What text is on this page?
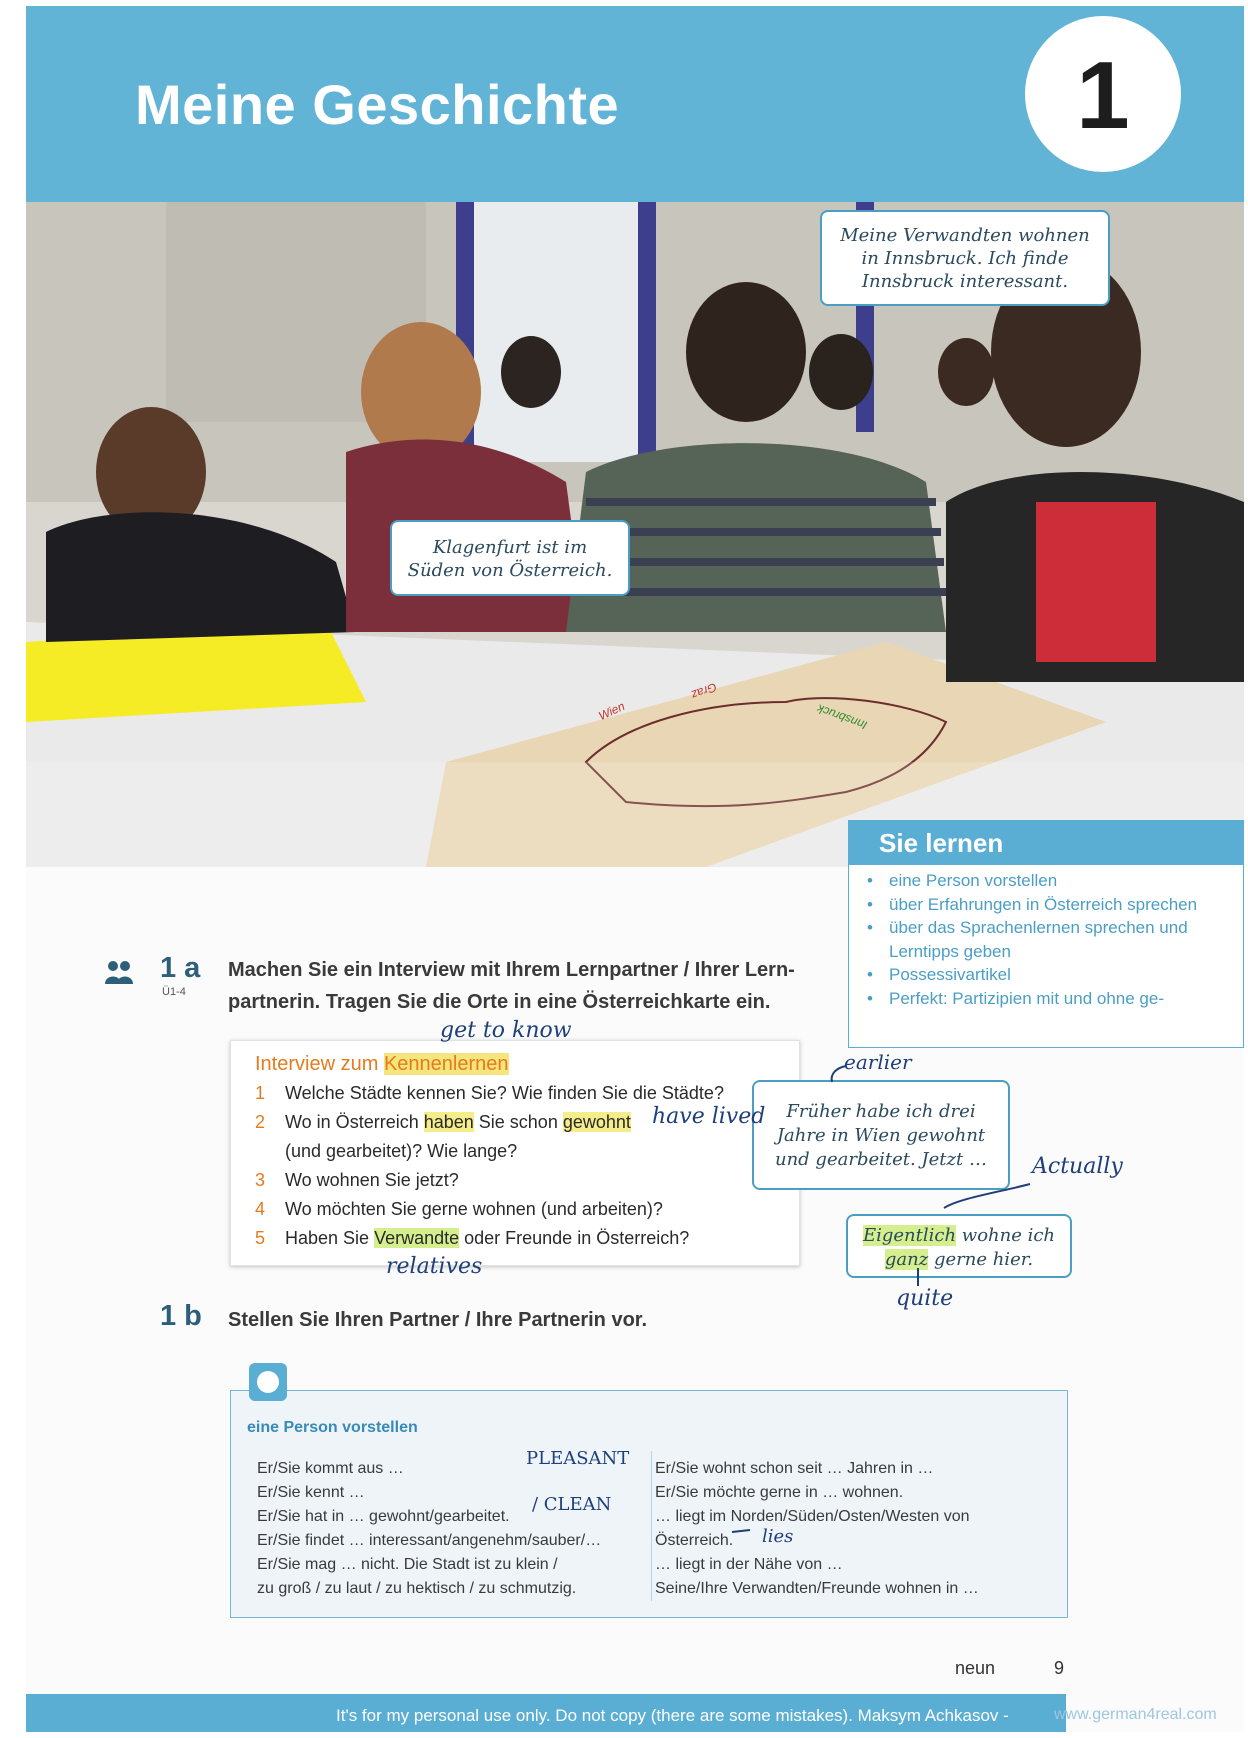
Meine Geschichte	1
Wien
Graz
Innsbruck
Meine Verwandten wohnen in Innsbruck. Ich finde Innsbruck interessant.
Klagenfurt ist im Süden von Österreich.
Sie lernen
• eine Person vorstellen
• über Erfahrungen in Österreich sprechen
• über das Sprachenlernen sprechen und Lerntipps geben
• Possessivartikel
• Perfekt: Partizipien mit und ohne ge-
1 a
Ü1-4
Machen Sie ein Interview mit Ihrem Lernpartner / Ihrer Lern-
partnerin. Tragen Sie die Orte in eine Österreichkarte ein.
Interview zum Kennenlernen
1 Welche Städte kennen Sie? Wie finden Sie die Städte?
2 Wo in Österreich haben Sie schon gewohnt
(und gearbeitet)? Wie lange?
3 Wo wohnen Sie jetzt?
4 Wo möchten Sie gerne wohnen (und arbeiten)?
5 Haben Sie Verwandte oder Freunde in Österreich?
Früher habe ich drei Jahre in Wien gewohnt und gearbeitet. Jetzt …
Eigentlich wohne ich
ganz gerne hier.
1 b Stellen Sie Ihren Partner / Ihre Partnerin vor.
eine Person vorstellen
Er/Sie kommt aus …
Er/Sie kennt …
Er/Sie hat in … gewohnt/gearbeitet.
Er/Sie findet … interessant/angenehm/sauber/…
Er/Sie mag … nicht. Die Stadt ist zu klein /
zu groß / zu laut / zu hektisch / zu schmutzig.
Er/Sie wohnt schon seit … Jahren in …
Er/Sie möchte gerne in … wohnen.
… liegt im Norden/Süden/Osten/Westen von
Österreich.
… liegt in der Nähe von …
Seine/Ihre Verwandten/Freunde wohnen in …
get to know
have lived
relatives
earlier
Actually
quite
PLEASANT
/ CLEAN
lies
neun	9
It's for my personal use only. Do not copy (there are some mistakes). Maksym Achkasov -	www.german4real.com
